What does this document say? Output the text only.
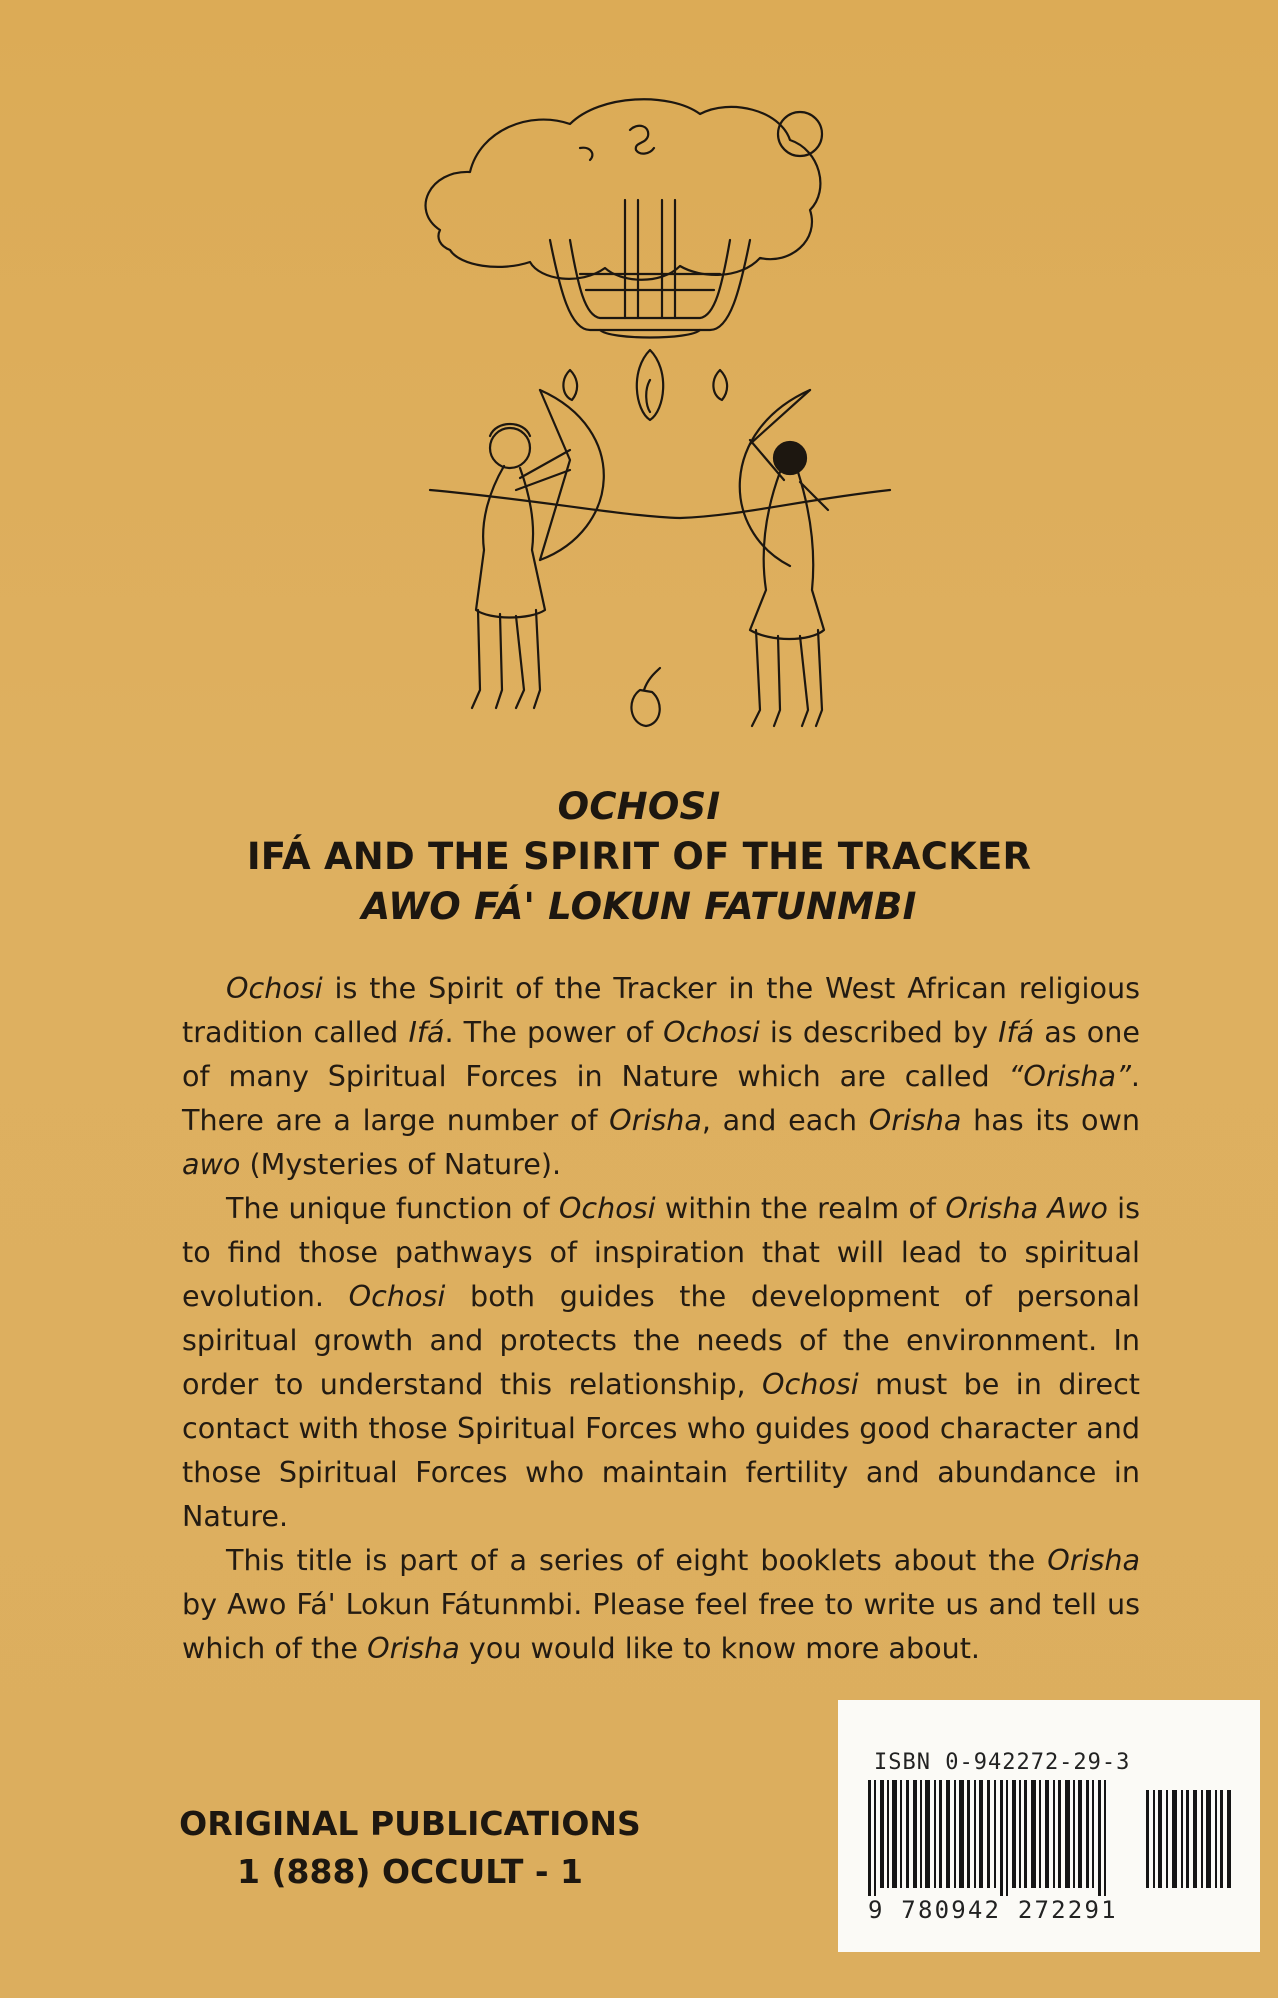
OCHOSI
IFÁ AND THE SPIRIT OF THE TRACKER
AWO FÁ' LOKUN FATUNMBI

Ochosi is the Spirit of the Tracker in the West African religious tradition called Ifá. The power of Ochosi is described by Ifá as one of many Spiritual Forces in Nature which are called “Orisha”. There are a large number of Orisha, and each Orisha has its own awo (Mysteries of Nature).

The unique function of Ochosi within the realm of Orisha Awo is to find those pathways of inspiration that will lead to spiritual evolution. Ochosi both guides the development of personal spiritual growth and protects the needs of the environment. In order to understand this relationship, Ochosi must be in direct contact with those Spiritual Forces who guides good character and those Spiritual Forces who maintain fertility and abundance in Nature.

This title is part of a series of eight booklets about the Orisha by Awo Fá' Lokun Fátunmbi. Please feel free to write us and tell us which of the Orisha you would like to know more about.

ORIGINAL PUBLICATIONS
1 (888) OCCULT - 1
ISBN 0-942272-29-3
9 780942 272291
